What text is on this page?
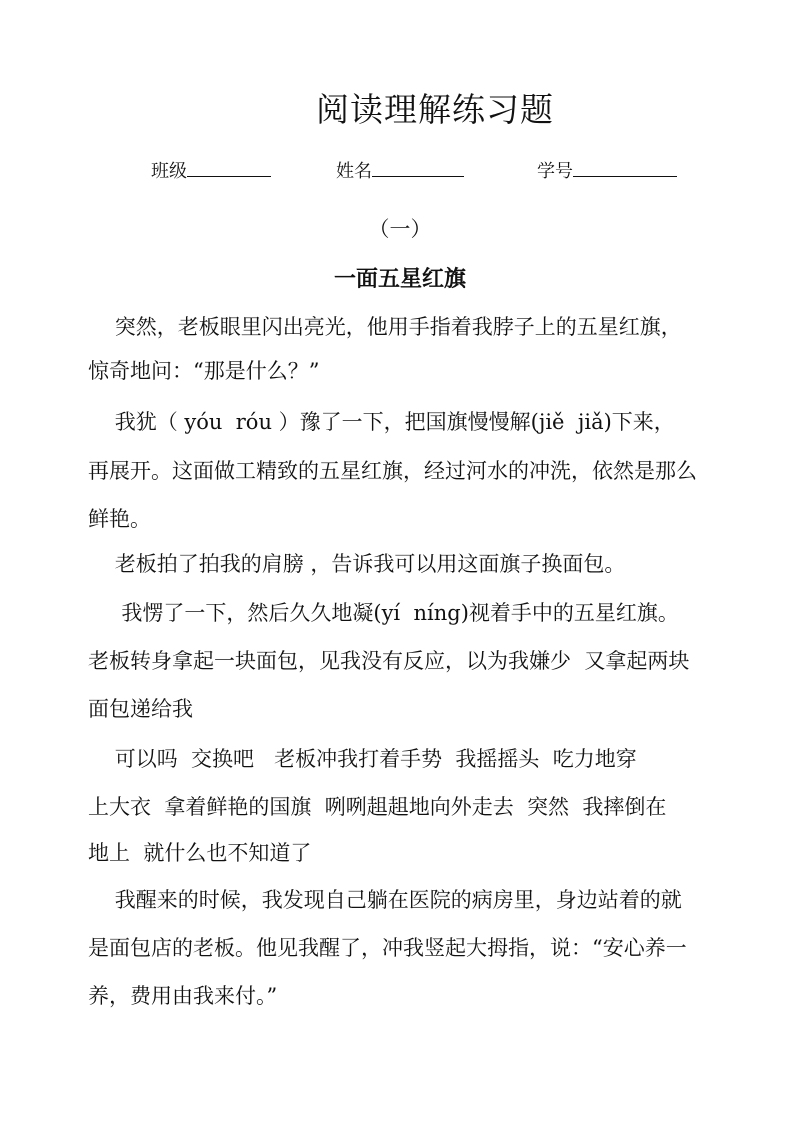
阅读理解练习题
班级	姓名	学号
（一）
一面五星红旗
突然，老板眼里闪出亮光，他用手指着我脖子上的五星红旗，
惊奇地问：“那是什么？”
我犹（ yóu  róu ）豫了一下，把国旗慢慢解(jiě  jiǎ)下来，
再展开。这面做工精致的五星红旗，经过河水的冲洗，依然是那么
鲜艳。
老板拍了拍我的肩膀 ，告诉我可以用这面旗子换面包。
我愣了一下，然后久久地凝(yí  níng)视着手中的五星红旗。
老板转身拿起一块面包，见我没有反应，以为我嫌少  又拿起两块
面包递给我
可以吗  交换吧   老板冲我打着手势  我摇摇头  吃力地穿
上大衣  拿着鲜艳的国旗  咧咧趄趄地向外走去  突然  我摔倒在
地上  就什么也不知道了
我醒来的时候，我发现自己躺在医院的病房里，身边站着的就
是面包店的老板。他见我醒了，冲我竖起大拇指，说：“安心养一
养，费用由我来付。”
